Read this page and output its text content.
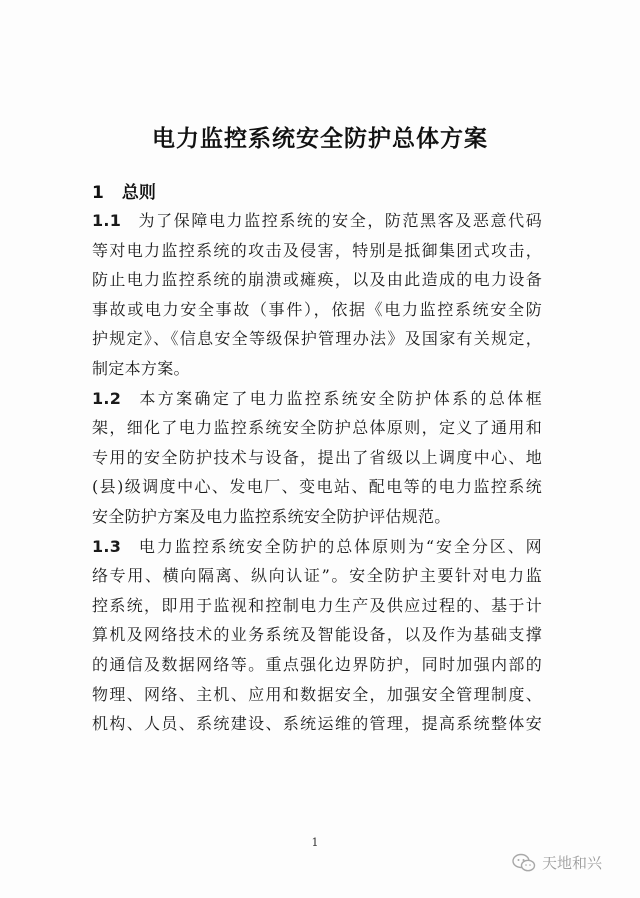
电力监控系统安全防护总体方案
1 总则
1.1 为了保障电力监控系统的安全，防范黑客及恶意代码
等对电力监控系统的攻击及侵害，特别是抵御集团式攻击，
防止电力监控系统的崩溃或瘫痪，以及由此造成的电力设备
事故或电力安全事故（事件），依据《电力监控系统安全防
护规定》、《信息安全等级保护管理办法》及国家有关规定，
制定本方案。
1.2 本方案确定了电力监控系统安全防护体系的总体框
架，细化了电力监控系统安全防护总体原则，定义了通用和
专用的安全防护技术与设备，提出了省级以上调度中心、地
(县)级调度中心、发电厂、变电站、配电等的电力监控系统
安全防护方案及电力监控系统安全防护评估规范。
1.3 电力监控系统安全防护的总体原则为“安全分区、网
络专用、横向隔离、纵向认证”。安全防护主要针对电力监
控系统，即用于监视和控制电力生产及供应过程的、基于计
算机及网络技术的业务系统及智能设备，以及作为基础支撑
的通信及数据网络等。重点强化边界防护，同时加强内部的
物理、网络、主机、应用和数据安全，加强安全管理制度、
机构、人员、系统建设、系统运维的管理，提高系统整体安
1
天地和兴
